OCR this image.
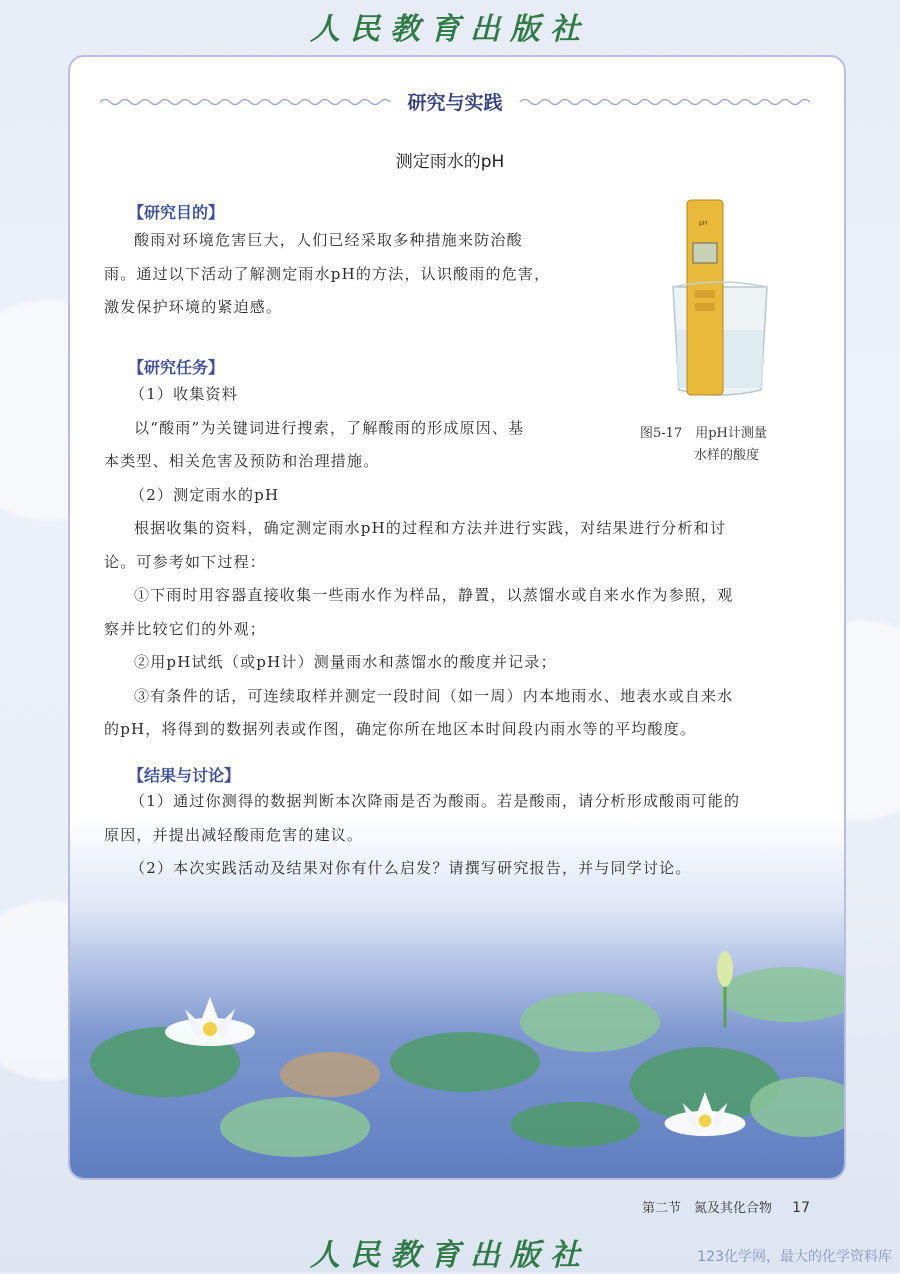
人民教育出版社
研究与实践
测定雨水的pH
【研究目的】
酸雨对环境危害巨大，人们已经采取多种措施来防治酸
雨。通过以下活动了解测定雨水pH的方法，认识酸雨的危害，
激发保护环境的紧迫感。
pH
图5-17　用pH计测量
水样的酸度
【研究任务】
（1）收集资料
以“酸雨”为关键词进行搜索，了解酸雨的形成原因、基
本类型、相关危害及预防和治理措施。
（2）测定雨水的pH
根据收集的资料，确定测定雨水pH的过程和方法并进行实践，对结果进行分析和讨
论。可参考如下过程：
①下雨时用容器直接收集一些雨水作为样品，静置，以蒸馏水或自来水作为参照，观
察并比较它们的外观；
②用pH试纸（或pH计）测量雨水和蒸馏水的酸度并记录；
③有条件的话，可连续取样并测定一段时间（如一周）内本地雨水、地表水或自来水
的pH，将得到的数据列表或作图，确定你所在地区本时间段内雨水等的平均酸度。
【结果与讨论】
（1）通过你测得的数据判断本次降雨是否为酸雨。若是酸雨，请分析形成酸雨可能的
原因，并提出减轻酸雨危害的建议。
（2）本次实践活动及结果对你有什么启发？请撰写研究报告，并与同学讨论。
第二节　氮及其化合物 17
人民教育出版社	123化学网，最大的化学资料库
